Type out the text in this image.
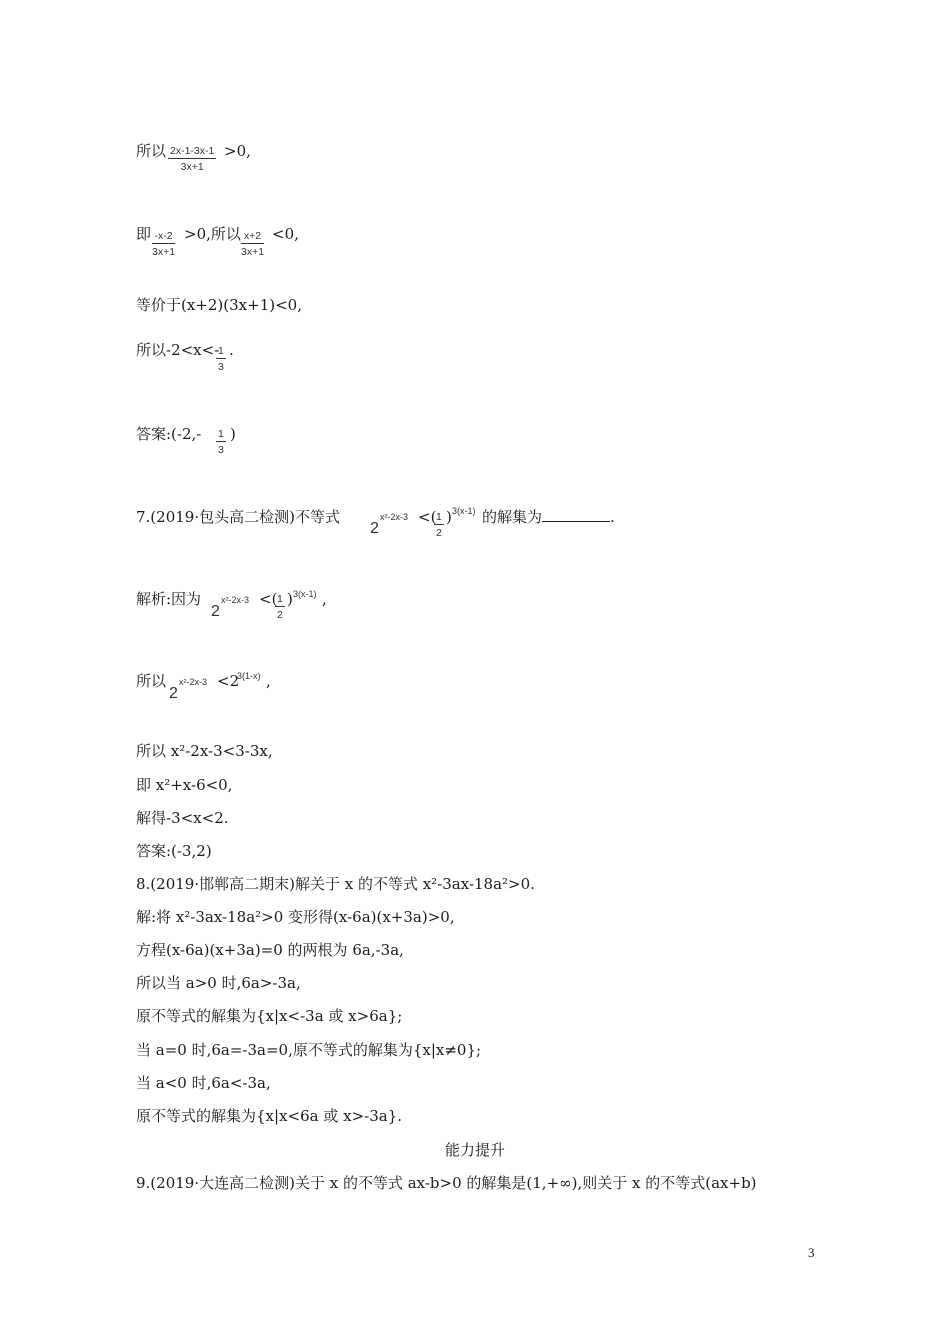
所以 $\frac{2x-1-3x-1}{3x+1} >0$,
即 $\frac{-x-2}{3x+1} >0$,所以 $\frac{x+2}{3x+1} <0$,
等价于(x+2)(3x+1)<0,
所以-2<x<-
$\frac{1}{3}$ .
答案:(-2,- $\frac{1}{3}$ )
7.(2019·包头高二检测)不等式
2
x²-2x-3 <(
$\frac{1}{2}$ ) 3(x-1) 的解集为	.
解析:因为
2
x²-2x-3 <(
$\frac{1}{2}$ ) 3(x-1) ,
所以
2
x²-2x-3 <2
3(1-x) ,
所以 x²-2x-3<3-3x,
即 x²+x-6<0,
解得-3<x<2.
答案:(-3,2)
8.(2019·邯郸高二期末)解关于 x 的不等式 x²-3ax-18a²>0.
解:将 x²-3ax-18a²>0 变形得(x-6a)(x+3a)>0,
方程(x-6a)(x+3a)=0 的两根为 6a,-3a,
所以当 a>0 时,6a>-3a,
原不等式的解集为{x|x<-3a 或 x>6a};
当 a=0 时,6a=-3a=0,原不等式的解集为{x|x≠0};
当 a<0 时,6a<-3a,
原不等式的解集为{x|x<6a 或 x>-3a}.
能力提升
9.(2019·大连高二检测)关于 x 的不等式 ax-b>0 的解集是(1,+∞),则关于 x 的不等式(ax+b)
3
